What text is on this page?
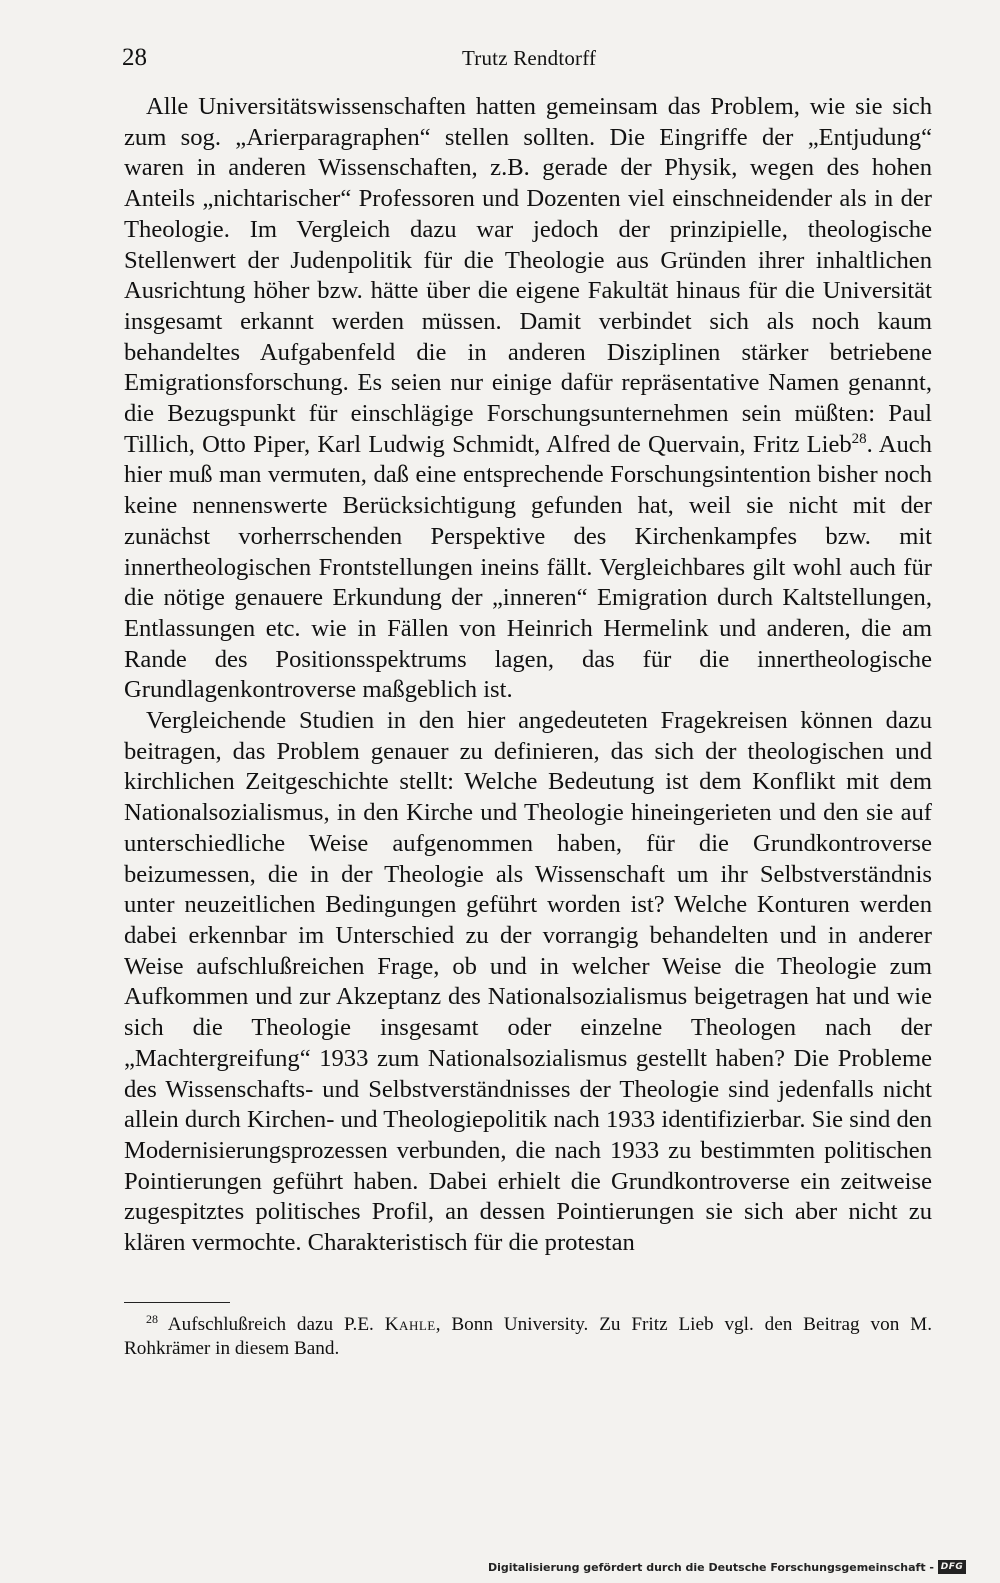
28	Trutz Rendtorff

Alle Universitätswissenschaften hatten gemeinsam das Problem, wie sie sich zum sog. „Arierparagraphen“ stellen sollten. Die Eingriffe der „Entjudung“ waren in anderen Wissenschaften, z.B. gerade der Physik, wegen des hohen Anteils „nichtarischer“ Professoren und Dozenten viel einschneidender als in der Theologie. Im Vergleich dazu war jedoch der prinzipielle, theologische Stellenwert der Judenpolitik für die Theologie aus Gründen ihrer inhaltlichen Ausrichtung höher bzw. hätte über die eigene Fakultät hinaus für die Universität insgesamt erkannt werden müssen. Damit verbindet sich als noch kaum behandeltes Aufgabenfeld die in anderen Disziplinen stärker betriebene Emigrationsforschung. Es seien nur einige dafür repräsentative Namen genannt, die Bezugspunkt für einschlägige Forschungsunternehmen sein müßten: Paul Tillich, Otto Piper, Karl Ludwig Schmidt, Alfred de Quervain, Fritz Lieb$^{28}$. Auch hier muß man vermuten, daß eine entsprechende Forschungsintention bisher noch keine nennenswerte Berücksichtigung gefunden hat, weil sie nicht mit der zunächst vorherrschenden Perspektive des Kirchenkampfes bzw. mit innertheologischen Frontstellungen ineins fällt. Vergleichbares gilt wohl auch für die nötige genauere Erkundung der „inneren“ Emigration durch Kaltstellungen, Entlassungen etc. wie in Fällen von Heinrich Hermelink und anderen, die am Rande des Positionsspektrums lagen, das für die innertheologische Grundlagenkontroverse maßgeblich ist.

Vergleichende Studien in den hier angedeuteten Fragekreisen können dazu beitragen, das Problem genauer zu definieren, das sich der theologischen und kirchlichen Zeitgeschichte stellt: Welche Bedeutung ist dem Konflikt mit dem Nationalsozialismus, in den Kirche und Theologie hineingerieten und den sie auf unterschiedliche Weise aufgenommen haben, für die Grundkontroverse beizumessen, die in der Theologie als Wissenschaft um ihr Selbstverständnis unter neuzeitlichen Bedingungen geführt worden ist? Welche Konturen werden dabei erkennbar im Unterschied zu der vorrangig behandelten und in anderer Weise aufschlußreichen Frage, ob und in welcher Weise die Theologie zum Aufkommen und zur Akzeptanz des Nationalsozialismus beigetragen hat und wie sich die Theologie insgesamt oder einzelne Theologen nach der „Machtergreifung“ 1933 zum Nationalsozialismus gestellt haben? Die Probleme des Wissenschafts- und Selbstverständnisses der Theologie sind jedenfalls nicht allein durch Kirchen- und Theologiepolitik nach 1933 identifizierbar. Sie sind den Modernisierungsprozessen verbunden, die nach 1933 zu bestimmten politischen Pointierungen geführt haben. Dabei erhielt die Grundkontroverse ein zeitweise zugespitztes politisches Profil, an dessen Pointierungen sie sich aber nicht zu klären vermochte. Charakteristisch für die protestan

$^{28}$ Aufschlußreich dazu P.E. Kahle, Bonn University. Zu Fritz Lieb vgl. den Beitrag von M. Rohkrämer in diesem Band.

Digitalisierung gefördert durch die Deutsche Forschungsgemeinschaft - DFG
